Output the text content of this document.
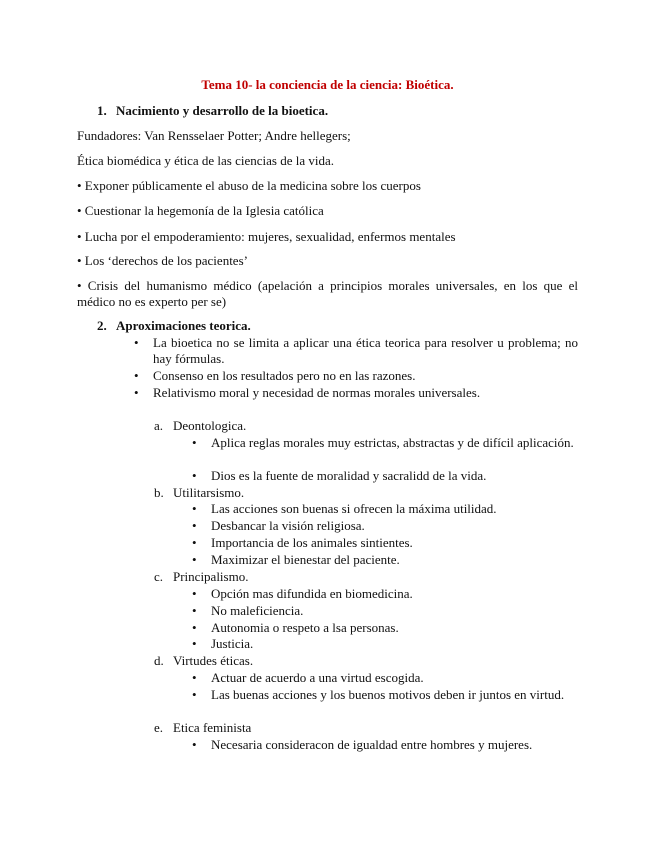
Tema 10- la conciencia de la ciencia: Bioética.
1. Nacimiento y desarrollo de la bioetica.
Fundadores: Van Rensselaer Potter; Andre hellegers;
Ética biomédica y ética de las ciencias de la vida.
• Exponer públicamente el abuso de la medicina sobre los cuerpos
• Cuestionar la hegemonía de la Iglesia católica
• Lucha por el empoderamiento: mujeres, sexualidad, enfermos mentales
• Los ‘derechos de los pacientes’
• Crisis del humanismo médico (apelación a principios morales universales, en los que el médico no es experto per se)
2. Aproximaciones teorica.
• La bioetica no se limita a aplicar una ética teorica para resolver u problema; no hay fórmulas.
• Consenso en los resultados pero no en las razones.
• Relativismo moral y necesidad de normas morales universales.
a. Deontologica.
• Aplica reglas morales muy estrictas, abstractas y de difícil aplicación.
• Dios es la fuente de moralidad y sacralidd de la vida.
b. Utilitarsismo.
• Las acciones son buenas si ofrecen la máxima utilidad.
• Desbancar la visión religiosa.
• Importancia de los animales sintientes.
• Maximizar el bienestar del paciente.
c. Principalismo.
• Opción mas difundida en biomedicina.
• No maleficiencia.
• Autonomia o respeto a lsa personas.
• Justicia.
d. Virtudes éticas.
• Actuar de acuerdo a una virtud escogida.
• Las buenas acciones y los buenos motivos deben ir juntos en virtud.
e. Etica feminista
• Necesaria consideracon de igualdad entre hombres y mujeres.
